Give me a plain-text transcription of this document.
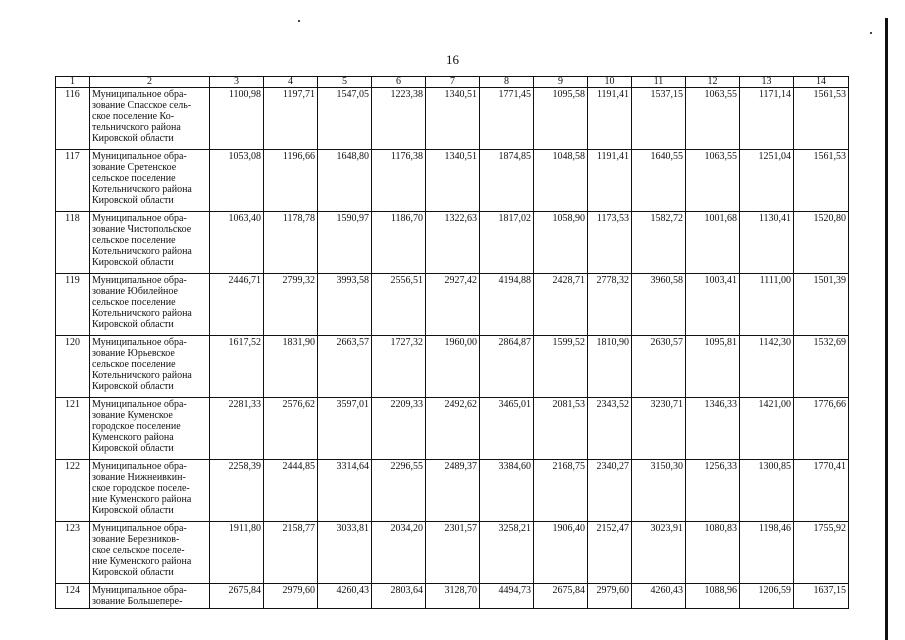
16
1	2	3	4	5	6	7	8	9	10	11	12	13	14
116	Муниципальное обра-
зование Спасское сель-
ское поселение Ко-
тельничского района
Кировской области	1100,98	1197,71	1547,05	1223,38	1340,51	1771,45	1095,58	1191,41	1537,15	1063,55	1171,14	1561,53
117	Муниципальное обра-
зование Сретенское
сельское поселение
Котельничского района
Кировской области	1053,08	1196,66	1648,80	1176,38	1340,51	1874,85	1048,58	1191,41	1640,55	1063,55	1251,04	1561,53
118	Муниципальное обра-
зование Чистопольское
сельское поселение
Котельничского района
Кировской области	1063,40	1178,78	1590,97	1186,70	1322,63	1817,02	1058,90	1173,53	1582,72	1001,68	1130,41	1520,80
119	Муниципальное обра-
зование Юбилейное
сельское поселение
Котельничского района
Кировской области	2446,71	2799,32	3993,58	2556,51	2927,42	4194,88	2428,71	2778,32	3960,58	1003,41	1111,00	1501,39
120	Муниципальное обра-
зование Юрьевское
сельское поселение
Котельничского района
Кировской области	1617,52	1831,90	2663,57	1727,32	1960,00	2864,87	1599,52	1810,90	2630,57	1095,81	1142,30	1532,69
121	Муниципальное обра-
зование Куменское
городское поселение
Куменского района
Кировской области	2281,33	2576,62	3597,01	2209,33	2492,62	3465,01	2081,53	2343,52	3230,71	1346,33	1421,00	1776,66
122	Муниципальное обра-
зование Нижнеивкин-
ское городское поселе-
ние Куменского района
Кировской области	2258,39	2444,85	3314,64	2296,55	2489,37	3384,60	2168,75	2340,27	3150,30	1256,33	1300,85	1770,41
123	Муниципальное обра-
зование Березников-
ское сельское поселе-
ние Куменского района
Кировской области	1911,80	2158,77	3033,81	2034,20	2301,57	3258,21	1906,40	2152,47	3023,91	1080,83	1198,46	1755,92
124	Муниципальное обра-
зование Большепере-	2675,84	2979,60	4260,43	2803,64	3128,70	4494,73	2675,84	2979,60	4260,43	1088,96	1206,59	1637,15
